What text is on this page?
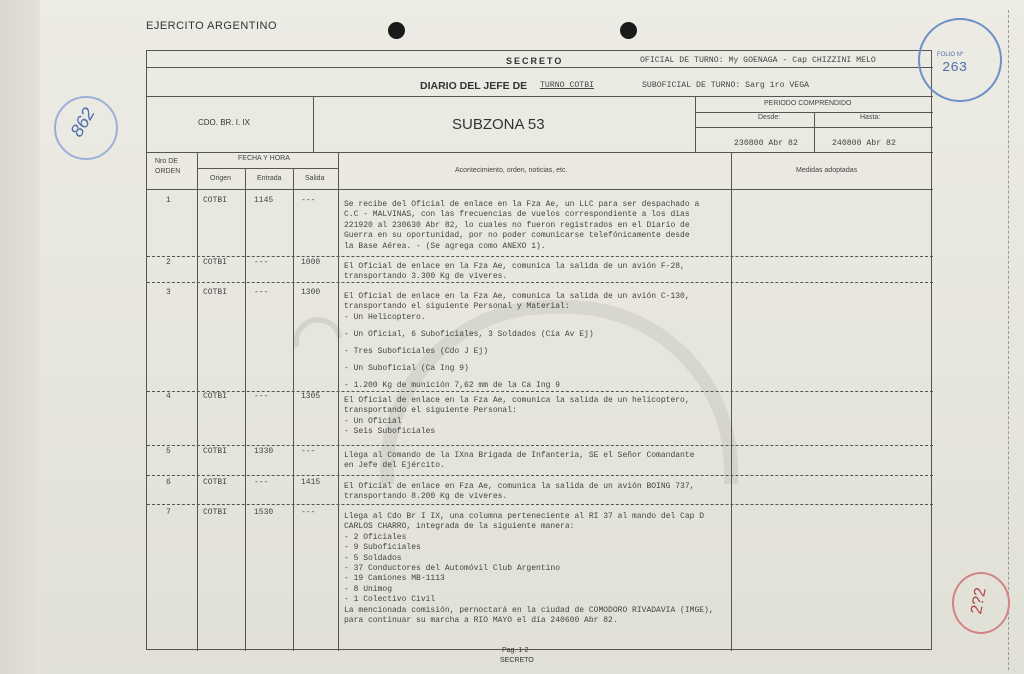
EJERCITO ARGENTINO
◠
SECRETO	OFICIAL DE TURNO: My GOENAGA - Cap CHIZZINI MELO
DIARIO DEL JEFE DE TURNO COTBI	SUBOFICIAL DE TURNO: Sarg 1ro VEGA
CDO. BR. I. IX	SUBZONA 53
PERIODO COMPRENDIDO
Desde:	Hasta:
230800 Abr 82	240800 Abr 82
Nro DE
ORDEN
FECHA Y HORA
Origen	Entrada	Salida
Acontecimiento, orden, noticias, etc.	Medidas adoptadas
1	COTBI	1145	---	Se recibe del Oficial de enlace en la Fza Ae, un LLC para ser despachado a
C.C - MALVINAS, con las frecuencias de vuelos correspondiente a los dias
221920 al 230630 Abr 82, lo cuales no fueron registrados en el Diario de
Guerra en su oportunidad, por no poder comunicarse telefónicamente desde
la Base Aérea. - (Se agrega como ANEXO 1).
2	COTBI	---	1000	El Oficial de enlace en la Fza Ae, comunica la salida de un avión F-28,
transportando 3.300 Kg de víveres.
3	COTBI	---	1300	El Oficial de enlace en la Fza Ae, comunica la salida de un avión C-130,
transportando el siguiente Personal y Material:
- Un Helicoptero.
- Un Oficial, 6 Suboficiales, 3 Soldados (Cía Av Ej)
- Tres Suboficiales (Cdo J Ej)
- Un Suboficial (Ca Ing 9)
- 1.200 Kg de munición 7,62 mm de la Ca Ing 9
4	COTBI	---	1305	El Oficial de enlace en la Fza Ae, comunica la salida de un helicoptero,
transportando el siguiente Personal:
- Un Oficial
- Seis Suboficiales
5	COTBI	1330	---	Llega al Comando de la IXna Brigada de Infantería, SE el Señor Comandante
en Jefe del Ejército.
6	COTBI	---	1415	El Oficial de enlace en Fza Ae, comunica la salida de un avión BOING 737,
transportando 8.200 Kg de víveres.
7	COTBI	1530	---	Llega al Cdo Br I IX, una columna perteneciente al RI 37 al mando del Cap D
CARLOS CHARRO, integrada de la siguiente manera:
- 2 Oficiales
- 9 Suboficiales
- 5 Soldados
- 37 Conductores del Automóvil Club Argentino
- 19 Camiones MB-1113
- 8 Unimog
- 1 Colectivo Civil
La mencionada comisión, pernoctará en la ciudad de COMODORO RIVADAVIA (IMGE),
para continuar su marcha a RIO MAYO el día 240600 Abr 82.
Pag. 1-2
SECRETO
FOLIO Nº
263
862
2?2
